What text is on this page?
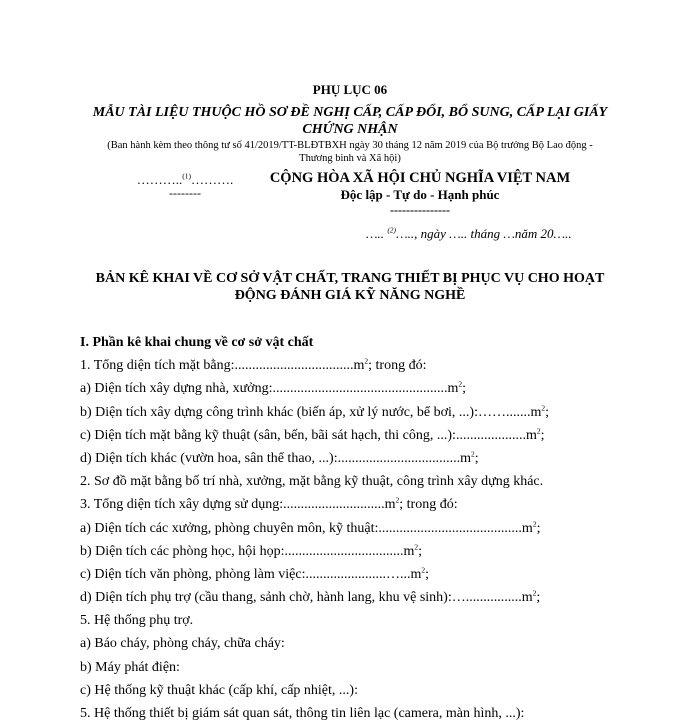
PHỤ LỤC 06
MẪU TÀI LIỆU THUỘC HỒ SƠ ĐỀ NGHỊ CẤP, CẤP ĐỔI, BỔ SUNG, CẤP LẠI GIẤY
CHỨNG NHẬN
(Ban hành kèm theo thông tư số 41/2019/TT-BLĐTBXH ngày 30 tháng 12 năm 2019 của Bộ trưởng Bộ Lao động -
Thương binh và Xã hội)
………..$^{(1)}$……….
--------
CỘNG HÒA XÃ HỘI CHỦ NGHĨA VIỆT NAM
Độc lập - Tự do - Hạnh phúc
---------------
….. $^{(2)}$….., ngày ….. tháng …năm 20…..
BẢN KÊ KHAI VỀ CƠ SỞ VẬT CHẤT, TRANG THIẾT BỊ PHỤC VỤ CHO HOẠT
ĐỘNG ĐÁNH GIÁ KỸ NĂNG NGHỀ
I. Phần kê khai chung về cơ sở vật chất
1. Tổng diện tích mặt $bằng:..................................m^2$; trong đó:
a) Diện tích xây dựng nhà, $xưởng:..................................................m^2$;
b) Diện tích xây dựng công trình khác (biến áp, xử lý nước, bể bơi, $...):\dots\dots.......m^2$;
c) Diện tích mặt bằng kỹ thuật (sân, bến, bãi sát hạch, thi công, $...):....................m^2$;
d) Diện tích khác (vườn hoa, sân thể thao, $...):...................................m^2$;
2. Sơ đồ mặt bằng bố trí nhà, xưởng, mặt bằng kỹ thuật, công trình xây dựng khác.
3. Tổng diện tích xây dựng sử $dụng:.............................m^2$; trong đó:
a) Diện tích các xưởng, phòng chuyên môn, kỹ $thuật:.........................................m^2$;
b) Diện tích các phòng học, hội $họp:..................................m^2$;
c) Diện tích văn phòng, phòng làm $việc:.......................\dots...m^2$;
d) Diện tích phụ trợ (cầu thang, sảnh chờ, hành lang, khu vệ $\sinh):\dots................m^2$;
5. Hệ thống phụ trợ.
a) Báo cháy, phòng cháy, chữa cháy:
b) Máy phát điện:
c) Hệ thống kỹ thuật khác (cấp khí, cấp nhiệt, ...):
5. Hệ thống thiết bị giám sát quan sát, thông tin liên lạc (camera, màn hình, ...):
